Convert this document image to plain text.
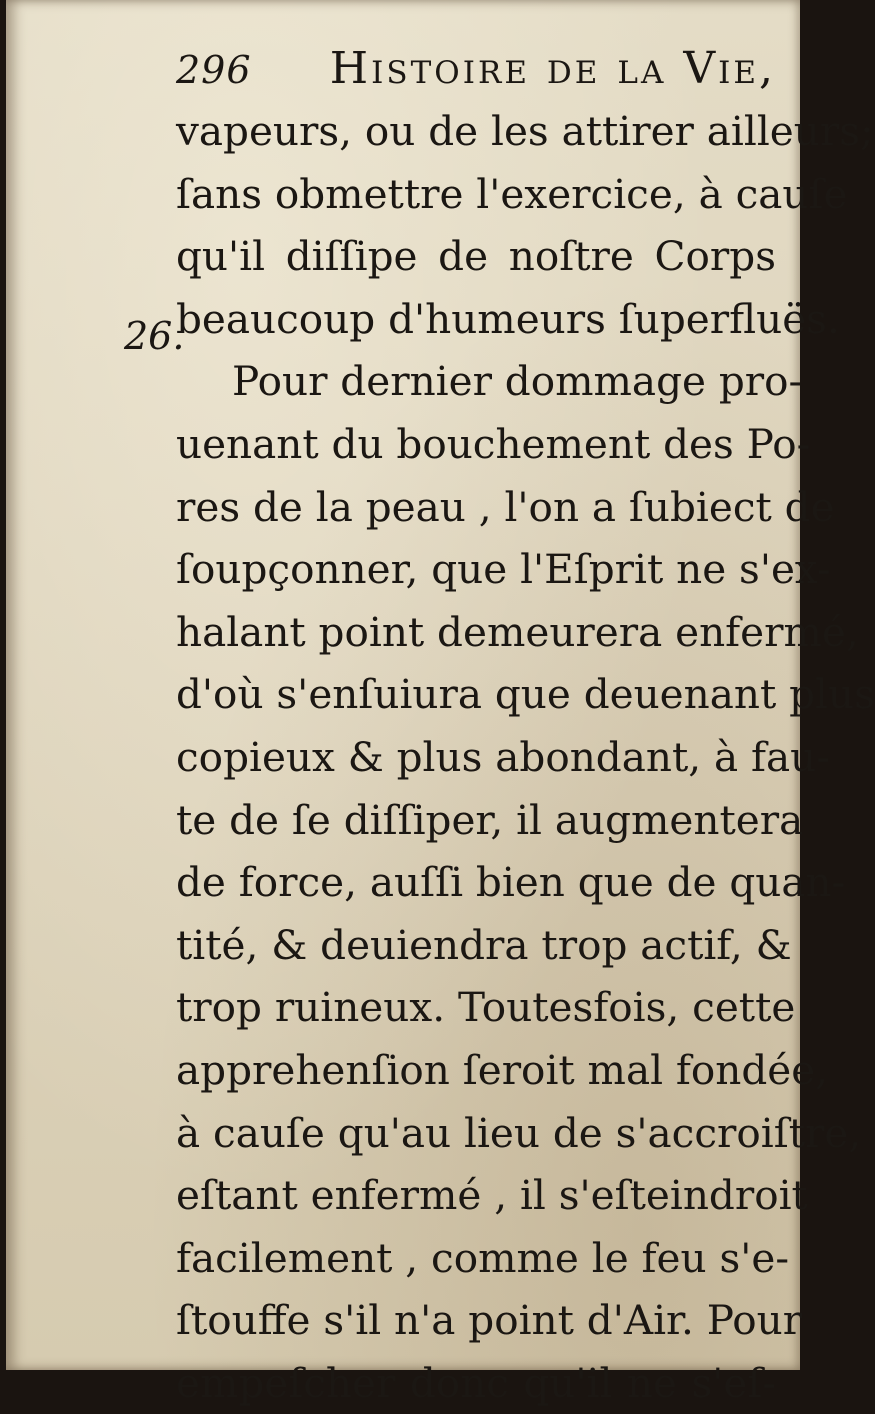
296 Histoire de la Vie,
vapeurs, ou de les attirer ailleurs;
ſans obmettre l'exercice, à cauſe
qu'il diſſipe de noſtre Corps
beaucoup d'humeurs ſuperfluës.
Pour dernier dommage pro-
uenant du bouchement des Po-
res de la peau , l'on a ſubiect de
ſoupçonner, que l'Eſprit ne s'ex-
halant point demeurera enfermé,
d'où s'enſuiura que deuenant plus
copieux & plus abondant, à fau-
te de ſe diſſiper, il augmentera
de force, auſſi bien que de quan-
tité, & deuiendra trop actif, &
trop ruineux. Toutesfois, cette
apprehenſion ſeroit mal fondée,
à cauſe qu'au lieu de s'accroiſtre,
eſtant enfermé , il s'eſteindroit
facilement , comme le feu s'e-
ſtouffe s'il n'a point d'Air. Pour
empeſcher donc qu'il ne s'eſ-
26.
